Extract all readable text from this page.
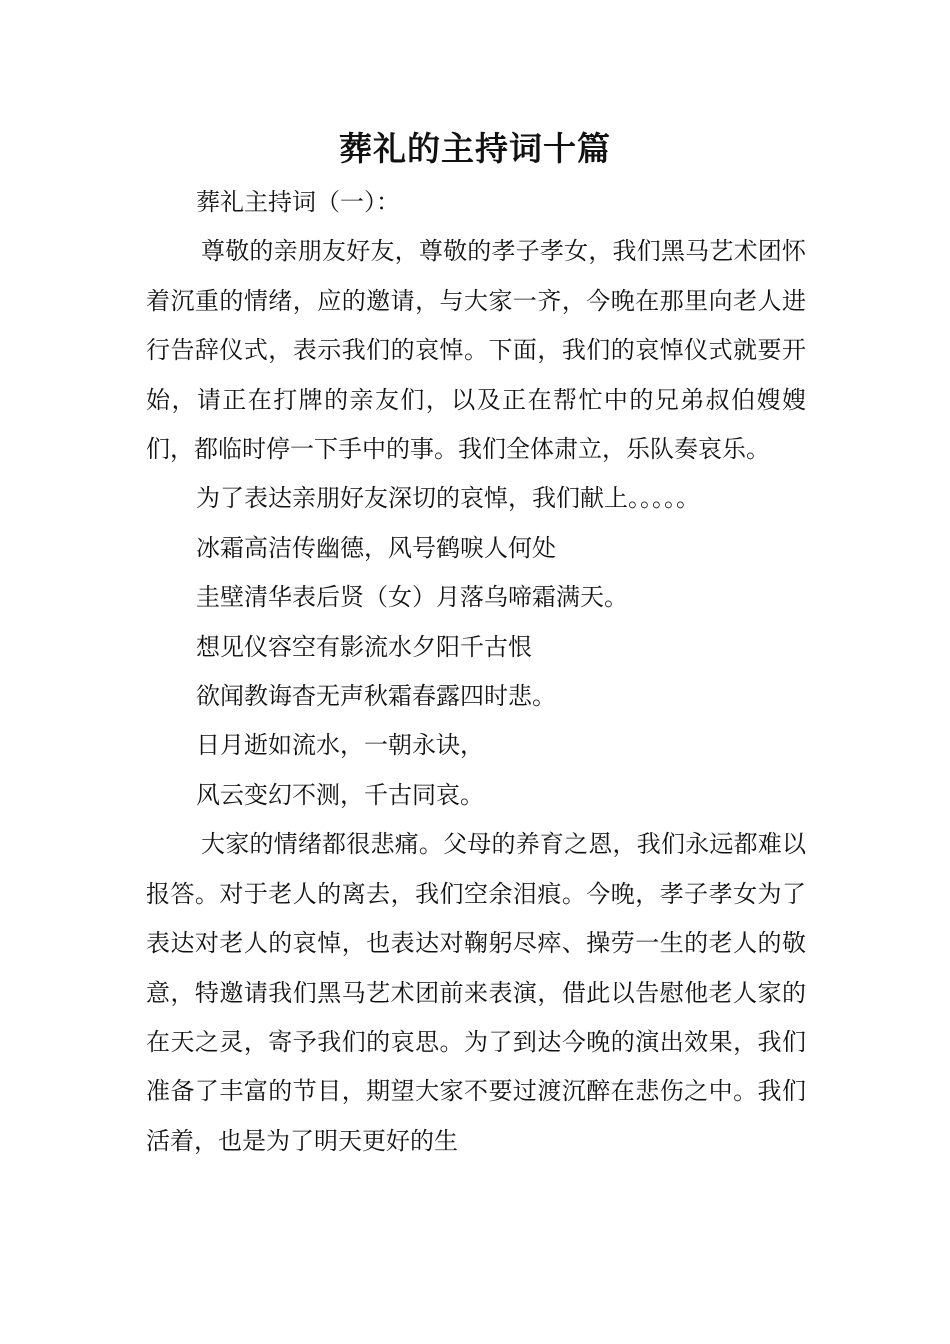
葬礼的主持词十篇

葬礼主持词（一）：

尊敬的亲朋友好友，尊敬的孝子孝女，我们黑马艺术团怀着沉重的情绪，应的邀请，与大家一齐，今晚在那里向老人进行告辞仪式，表示我们的哀悼。下面，我们的哀悼仪式就要开始，请正在打牌的亲友们，以及正在帮忙中的兄弟叔伯嫂嫂们，都临时停一下手中的事。我们全体肃立，乐队奏哀乐。

为了表达亲朋好友深切的哀悼，我们献上。。。。。

冰霜高洁传幽德，风号鹤唳人何处

圭壁清华表后贤（女）月落乌啼霜满天。

想见仪容空有影流水夕阳千古恨

欲闻教诲杳无声秋霜春露四时悲。

日月逝如流水，一朝永诀，

风云变幻不测，千古同哀。

大家的情绪都很悲痛。父母的养育之恩，我们永远都难以报答。对于老人的离去，我们空余泪痕。今晚，孝子孝女为了表达对老人的哀悼，也表达对鞠躬尽瘁、操劳一生的老人的敬意，特邀请我们黑马艺术团前来表演，借此以告慰他老人家的在天之灵，寄予我们的哀思。为了到达今晚的演出效果，我们准备了丰富的节目，期望大家不要过渡沉醉在悲伤之中。我们活着，也是为了明天更好的生
